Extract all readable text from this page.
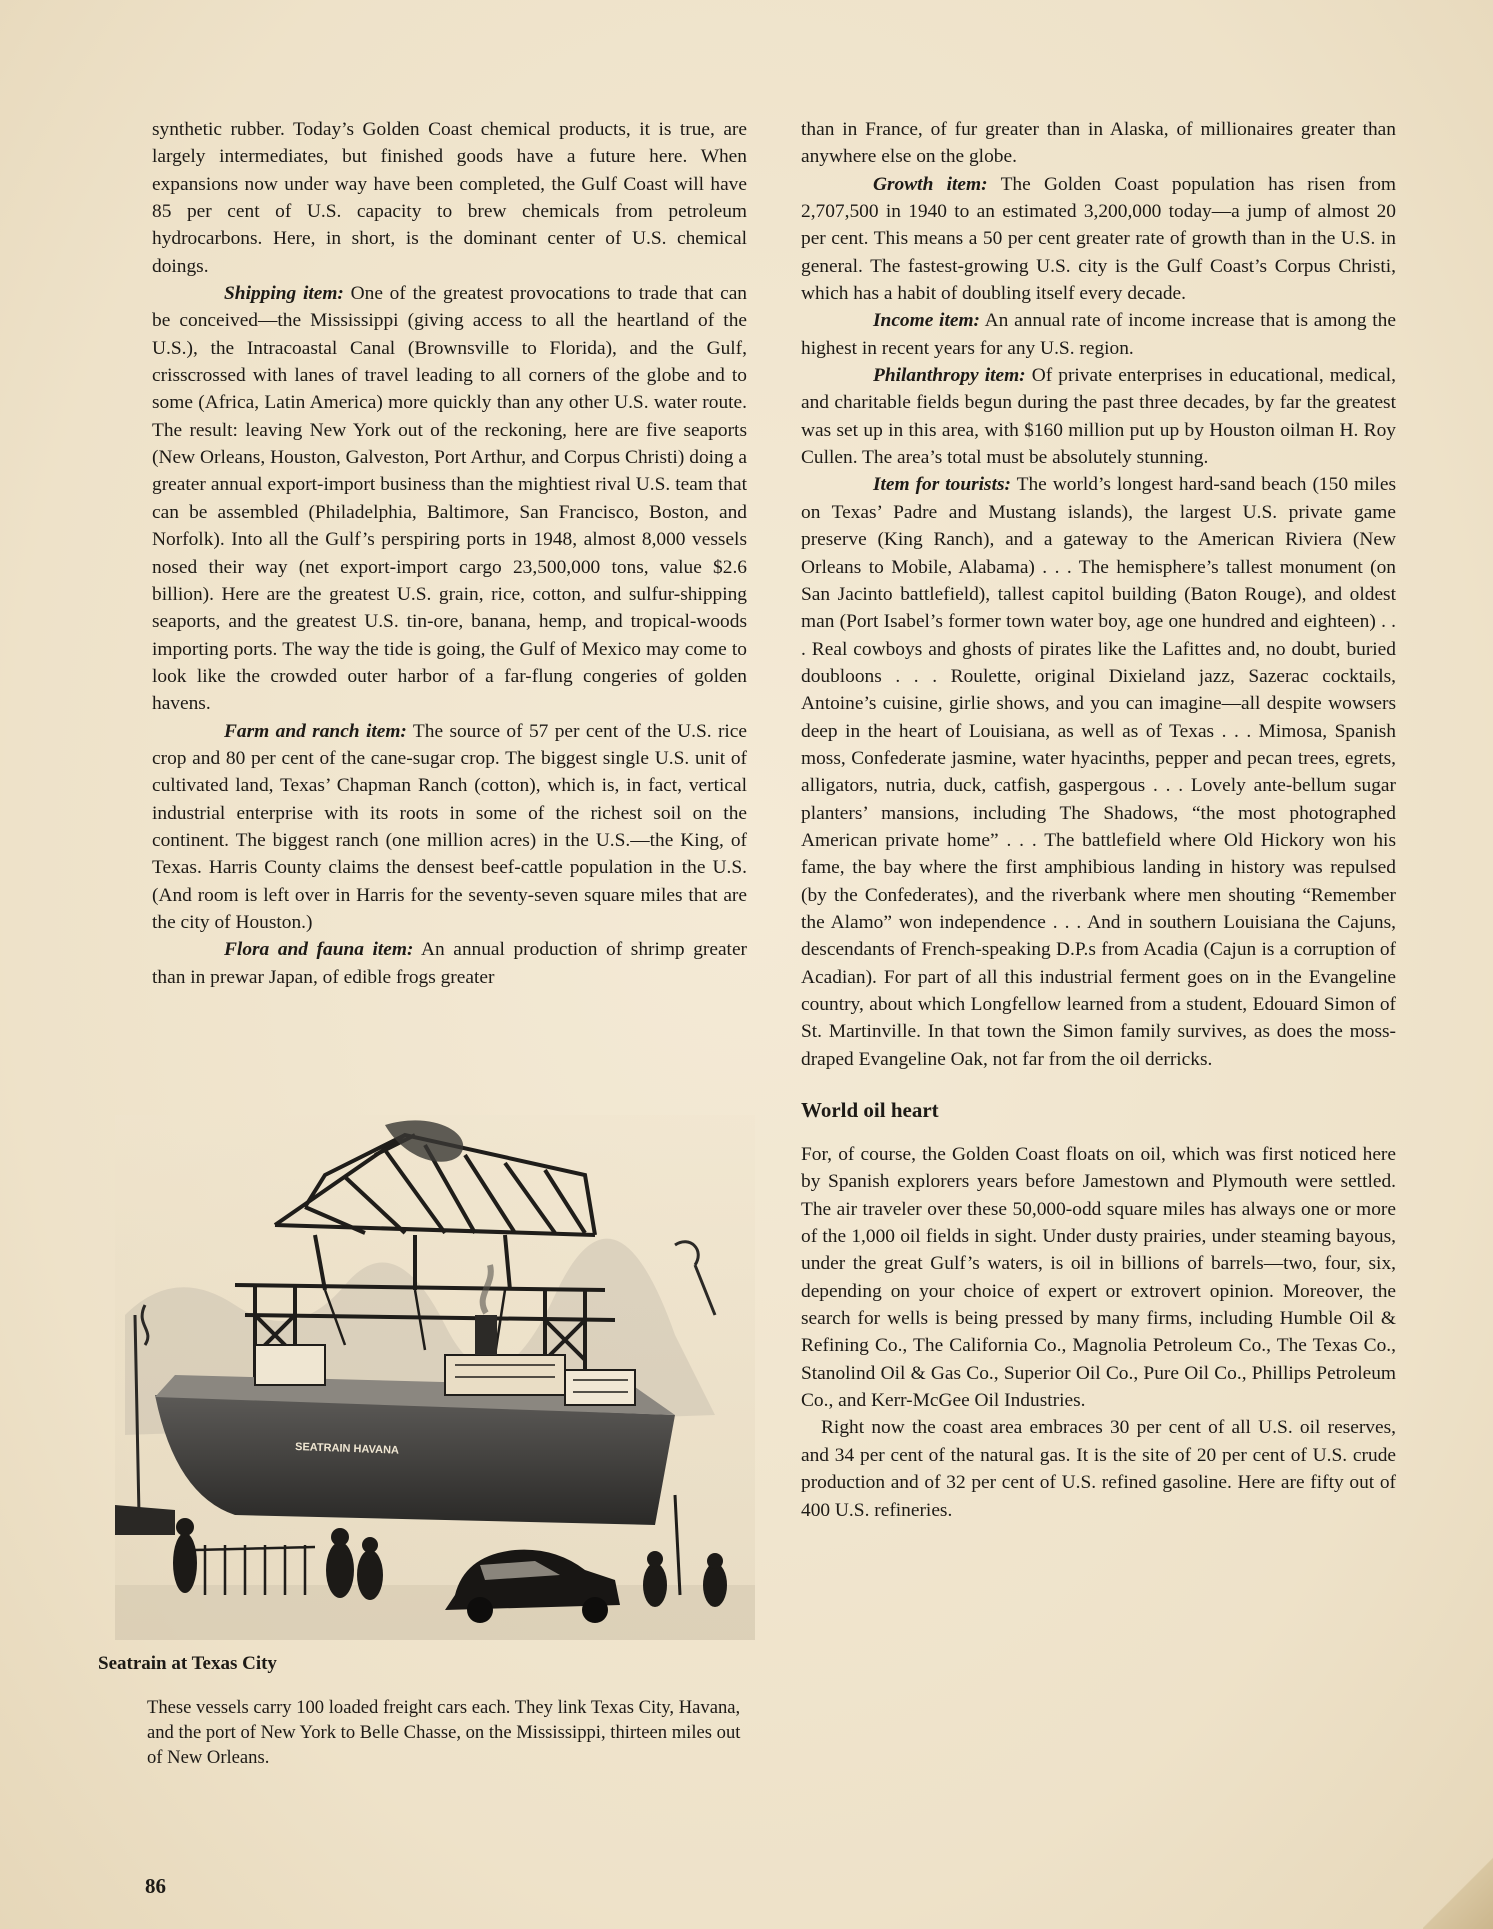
synthetic rubber. Today’s Golden Coast chemical products, it is true, are largely intermediates, but finished goods have a future here. When expansions now under way have been completed, the Gulf Coast will have 85 per cent of U.S. capacity to brew chemicals from petroleum hydrocarbons. Here, in short, is the dominant center of U.S. chemical doings.

Shipping item: One of the greatest provocations to trade that can be conceived—the Mississippi (giving access to all the heartland of the U.S.), the Intracoastal Canal (Brownsville to Florida), and the Gulf, crisscrossed with lanes of travel leading to all corners of the globe and to some (Africa, Latin America) more quickly than any other U.S. water route. The result: leaving New York out of the reckoning, here are five seaports (New Orleans, Houston, Galveston, Port Arthur, and Corpus Christi) doing a greater annual export-import business than the mightiest rival U.S. team that can be assembled (Philadelphia, Baltimore, San Francisco, Boston, and Norfolk). Into all the Gulf’s perspiring ports in 1948, almost 8,000 vessels nosed their way (net export-import cargo 23,500,000 tons, value $2.6 billion). Here are the greatest U.S. grain, rice, cotton, and sulfur-shipping seaports, and the greatest U.S. tin-ore, banana, hemp, and tropical-woods importing ports. The way the tide is going, the Gulf of Mexico may come to look like the crowded outer harbor of a far-flung congeries of golden havens.

Farm and ranch item: The source of 57 per cent of the U.S. rice crop and 80 per cent of the cane-sugar crop. The biggest single U.S. unit of cultivated land, Texas’ Chapman Ranch (cotton), which is, in fact, vertical industrial enterprise with its roots in some of the richest soil on the continent. The biggest ranch (one million acres) in the U.S.—the King, of Texas. Harris County claims the densest beef-cattle population in the U.S. (And room is left over in Harris for the seventy-seven square miles that are the city of Houston.)

Flora and fauna item: An annual production of shrimp greater than in prewar Japan, of edible frogs greater

SEATRAIN HAVANA
Seatrain at Texas City
These vessels carry 100 loaded freight cars each. They link Texas City, Havana, and the port of New York to Belle Chasse, on the Mississippi, thirteen miles out of New Orleans.

than in France, of fur greater than in Alaska, of millionaires greater than anywhere else on the globe.

Growth item: The Golden Coast population has risen from 2,707,500 in 1940 to an estimated 3,200,000 today—a jump of almost 20 per cent. This means a 50 per cent greater rate of growth than in the U.S. in general. The fastest-growing U.S. city is the Gulf Coast’s Corpus Christi, which has a habit of doubling itself every decade.

Income item: An annual rate of income increase that is among the highest in recent years for any U.S. region.

Philanthropy item: Of private enterprises in educational, medical, and charitable fields begun during the past three decades, by far the greatest was set up in this area, with $160 million put up by Houston oilman H. Roy Cullen. The area’s total must be absolutely stunning.

Item for tourists: The world’s longest hard-sand beach (150 miles on Texas’ Padre and Mustang islands), the largest U.S. private game preserve (King Ranch), and a gateway to the American Riviera (New Orleans to Mobile, Alabama) . . . The hemisphere’s tallest monument (on San Jacinto battlefield), tallest capitol building (Baton Rouge), and oldest man (Port Isabel’s former town water boy, age one hundred and eighteen) . . . Real cowboys and ghosts of pirates like the Lafittes and, no doubt, buried doubloons . . . Roulette, original Dixieland jazz, Sazerac cocktails, Antoine’s cuisine, girlie shows, and you can imagine—all despite wowsers deep in the heart of Louisiana, as well as of Texas . . . Mimosa, Spanish moss, Confederate jasmine, water hyacinths, pepper and pecan trees, egrets, alligators, nutria, duck, catfish, gaspergous . . . Lovely ante-bellum sugar planters’ mansions, including The Shadows, “the most photographed American private home” . . . The battlefield where Old Hickory won his fame, the bay where the first amphibious landing in history was repulsed (by the Confederates), and the riverbank where men shouting “Remember the Alamo” won independence . . . And in southern Louisiana the Cajuns, descendants of French-speaking D.P.s from Acadia (Cajun is a corruption of Acadian). For part of all this industrial ferment goes on in the Evangeline country, about which Longfellow learned from a student, Edouard Simon of St. Martinville. In that town the Simon family survives, as does the moss-draped Evangeline Oak, not far from the oil derricks.

World oil heart

For, of course, the Golden Coast floats on oil, which was first noticed here by Spanish explorers years before Jamestown and Plymouth were settled. The air traveler over these 50,000-odd square miles has always one or more of the 1,000 oil fields in sight. Under dusty prairies, under steaming bayous, under the great Gulf’s waters, is oil in billions of barrels—two, four, six, depending on your choice of expert or extrovert opinion. Moreover, the search for wells is being pressed by many firms, including Humble Oil & Refining Co., The California Co., Magnolia Petroleum Co., The Texas Co., Stanolind Oil & Gas Co., Superior Oil Co., Pure Oil Co., Phillips Petroleum Co., and Kerr-McGee Oil Industries.

Right now the coast area embraces 30 per cent of all U.S. oil reserves, and 34 per cent of the natural gas. It is the site of 20 per cent of U.S. crude production and of 32 per cent of U.S. refined gasoline. Here are fifty out of 400 U.S. refineries.

86
